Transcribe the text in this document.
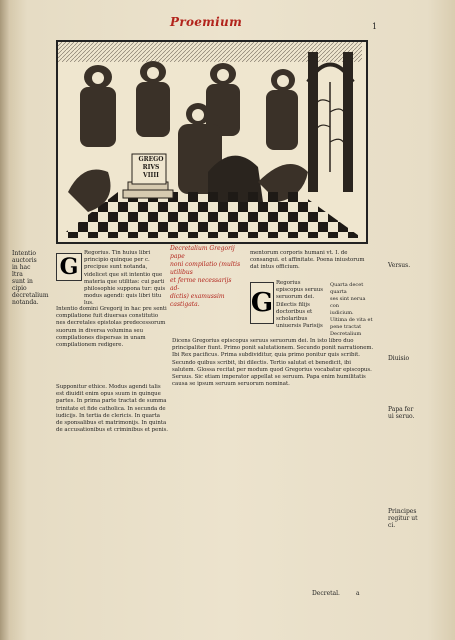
Proemium	1
GREGO
RIVS
VIIII
Intentio
auctoris
in hac
ltra
sunt in
cipio
decretalium
notanda.
G
Regorius. Tin huius libri principio quinque per c. precipue sunt notanda, videlicet que sit intentio que materia que utilitas: cui parti philosophie suppona tur: quis modus agendi: quis libri titu lus.
Intentio domini Gregorij in hac pre senti compilatione fuit diuersas constitutio nes decretales epistolas predecessorum suorum in diversa volumina seu compilationes dispersas in unam compilationem redigere.
Decretalium Gregorij pape
noni compilatio (multis utilibus
et ferme necessarijs ad-
dictis) examussim castigata.
mentorum corporis humani vt. I. de consangui. et affinitate. Poena iniustorum dat intus officium.
G
Regorius episcopus seruus seruorum dei. Dilectis filijs doctoribus et scholaribus uniuersis Parisijs
Quarta decet quarta
ses sint nerua con
iudicium.
Ultima de vita et
pene tractat
Decretalium
Supponitur ethice. Modus agendi talis est diuidit enim opus suum in quinque partes. In prima parte tractat de summa trinitate et fide catholica. In secunda de iudicijs. In tertia de clericis. In quarta de sponsalibus et matrimonijs. In quinta de accusationibus et criminibus et penis.
Dicens Gregorius episcopus seruus seruorum dei. In isto libro duo principaliter fiunt. Primo ponit salutationem. Secundo ponit narrationem. Ibi Rex pacificus. Prima subdividitur, quia primo ponitur quis scribit. Secundo quibus scribit, ibi dilectis. Tertio salutat et benedicit, ibi salutem. Glossa recitat per modum quod Gregorius vocabatur episcopus. Seruus. Sic etiam imperator appellat se seruum. Papa enim humilitatis causa se ipsum seruum seruorum nominat.
Versus.
Diuisio
Papa fer
ui seruo.
Principes
regitur ut
ci.
Decretal.	a
